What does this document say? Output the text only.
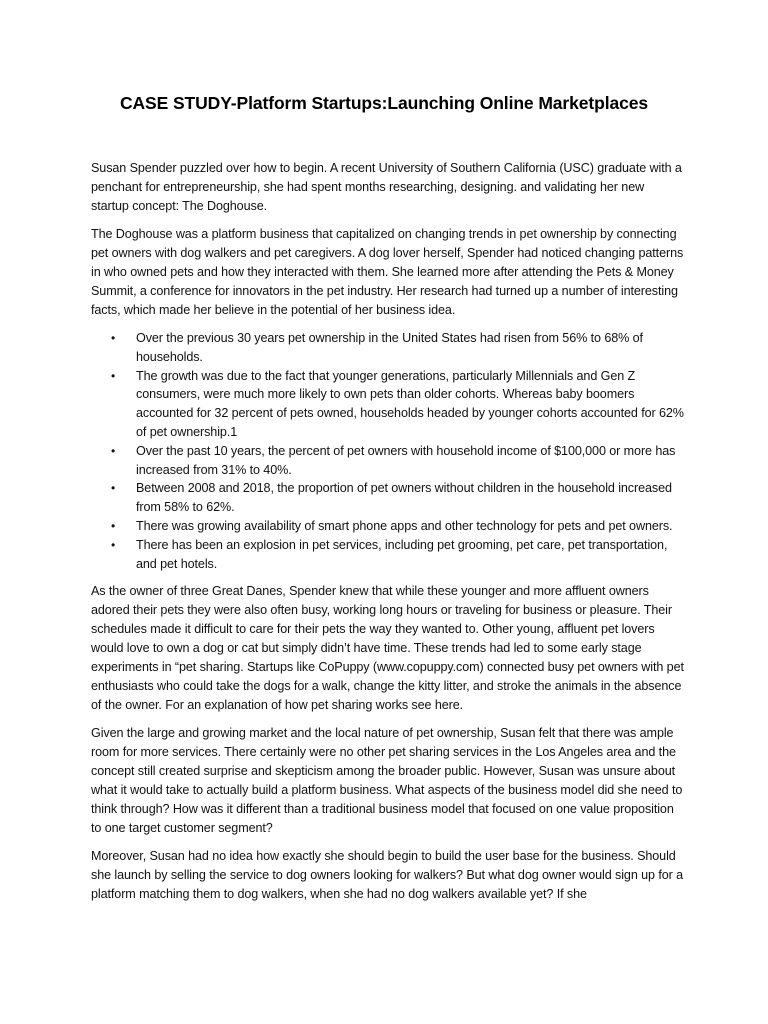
CASE STUDY-Platform Startups:Launching Online Marketplaces

Susan Spender puzzled over how to begin. A recent University of Southern California (USC) graduate with a penchant for entrepreneurship, she had spent months researching, designing. and validating her new startup concept: The Doghouse.

The Doghouse was a platform business that capitalized on changing trends in pet ownership by connecting pet owners with dog walkers and pet caregivers. A dog lover herself, Spender had noticed changing patterns in who owned pets and how they interacted with them. She learned more after attending the Pets & Money Summit, a conference for innovators in the pet industry. Her research had turned up a number of interesting facts, which made her believe in the potential of her business idea.

• Over the previous 30 years pet ownership in the United States had risen from 56% to 68% of households.
• The growth was due to the fact that younger generations, particularly Millennials and Gen Z consumers, were much more likely to own pets than older cohorts. Whereas baby boomers accounted for 32 percent of pets owned, households headed by younger cohorts accounted for 62% of pet ownership.1
• Over the past 10 years, the percent of pet owners with household income of $100,000 or more has increased from 31% to 40%.
• Between 2008 and 2018, the proportion of pet owners without children in the household increased from 58% to 62%.
• There was growing availability of smart phone apps and other technology for pets and pet owners.
• There has been an explosion in pet services, including pet grooming, pet care, pet transportation, and pet hotels.

As the owner of three Great Danes, Spender knew that while these younger and more affluent owners adored their pets they were also often busy, working long hours or traveling for business or pleasure. Their schedules made it difficult to care for their pets the way they wanted to. Other young, affluent pet lovers would love to own a dog or cat but simply didn’t have time. These trends had led to some early stage experiments in “pet sharing. Startups like CoPuppy (www.copuppy.com) connected busy pet owners with pet enthusiasts who could take the dogs for a walk, change the kitty litter, and stroke the animals in the absence of the owner. For an explanation of how pet sharing works see here.

Given the large and growing market and the local nature of pet ownership, Susan felt that there was ample room for more services. There certainly were no other pet sharing services in the Los Angeles area and the concept still created surprise and skepticism among the broader public. However, Susan was unsure about what it would take to actually build a platform business. What aspects of the business model did she need to think through? How was it different than a traditional business model that focused on one value proposition to one target customer segment?

Moreover, Susan had no idea how exactly she should begin to build the user base for the business. Should she launch by selling the service to dog owners looking for walkers? But what dog owner would sign up for a platform matching them to dog walkers, when she had no dog walkers available yet? If she
